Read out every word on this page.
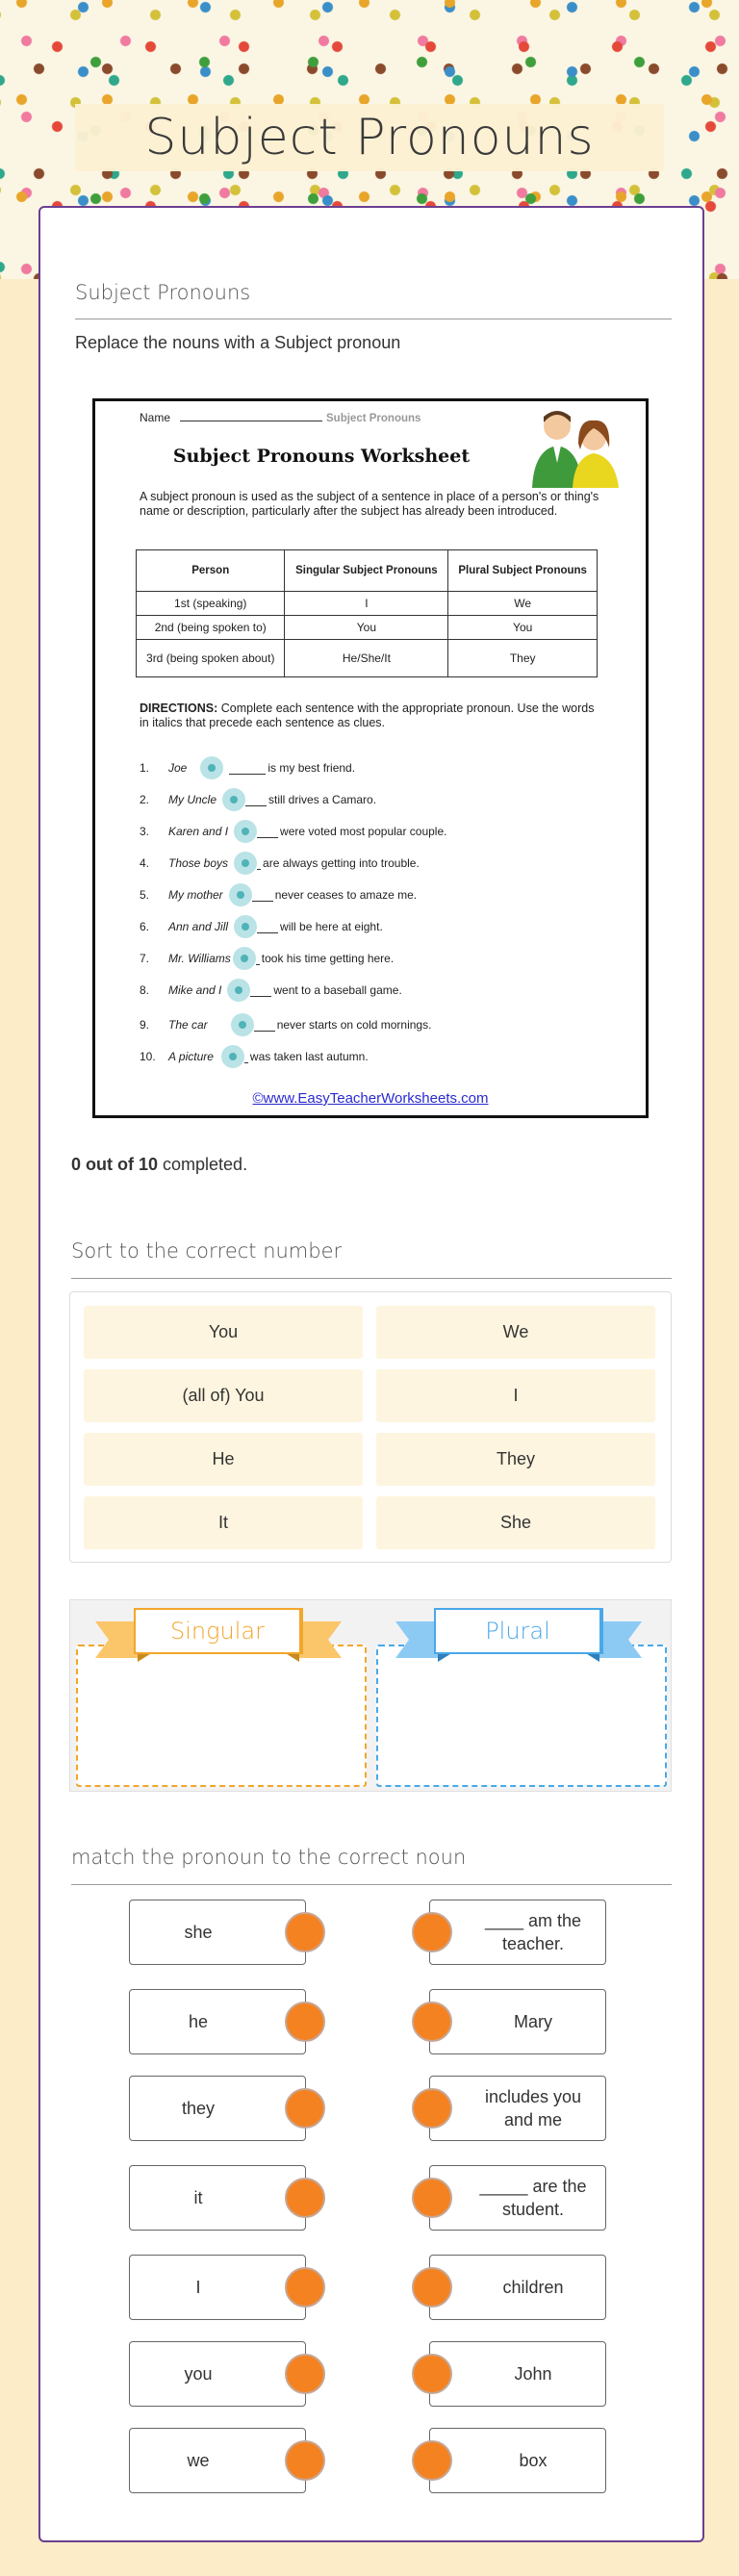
Subject Pronouns
Subject Pronouns
Replace the nouns with a Subject pronoun
Name	Subject Pronouns
Subject Pronouns Worksheet
A subject pronoun is used as the subject of a sentence in place of a person's or thing's name or description, particularly after the subject has already been introduced.
Person	Singular Subject Pronouns	Plural Subject Pronouns
1st (speaking)	I	We
2nd (being spoken to)	You	You
3rd (being spoken about)	He/She/It	They
DIRECTIONS: Complete each sentence with the appropriate pronoun. Use the words in italics that precede each sentence as clues.
1.	Joe	is my best friend.
2.	My Uncle	still drives a Camaro.
3.	Karen and I	were voted most popular couple.
4.	Those boys	are always getting into trouble.
5.	My mother	never ceases to amaze me.
6.	Ann and Jill	will be here at eight.
7.	Mr. Williams	took his time getting here.
8.	Mike and I	went to a baseball game.
9.	The car	never starts on cold mornings.
10.	A picture	was taken last autumn.
©www.EasyTeacherWorksheets.com
0 out of 10 completed.
Sort to the correct number
You	We
(all of) You	I
He	They
It	She
Singular	Plural
match the pronoun to the correct noun
she
he
they
it
I
you
we
____ am the teacher.
Mary
includes you and me
_____ are the student.
children
John
box
